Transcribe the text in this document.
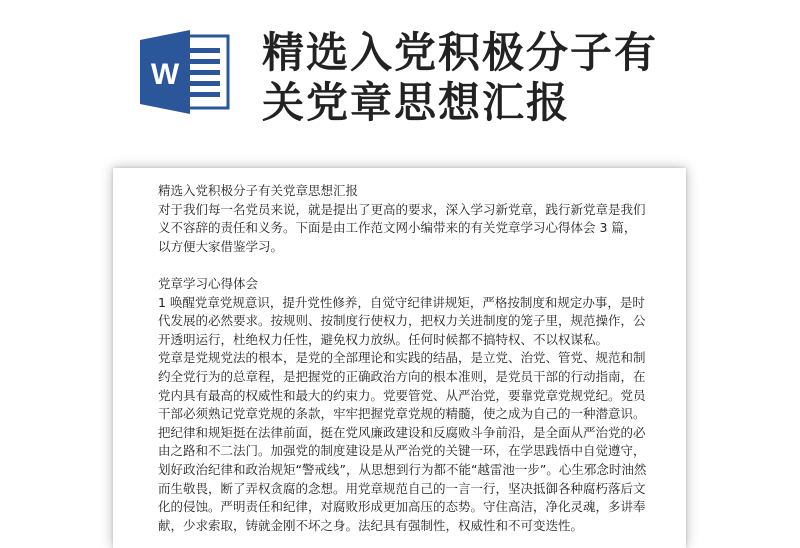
W 精选入党积极分子有
关党章思想汇报

精选入党积极分子有关党章思想汇报

对于我们每一名党员来说，就是提出了更高的要求，深入学习新党章，践行新党章是我们义不容辞的责任和义务。下面是由工作范文网小编带来的有关党章学习心得体会 3 篇，以方便大家借鉴学习。

党章学习心得体会

1 唤醒党章党规意识，提升党性修养，自觉守纪律讲规矩，严格按制度和规定办事，是时代发展的必然要求。按规则、按制度行使权力，把权力关进制度的笼子里，规范操作，公开透明运行，杜绝权力任性，避免权力放纵。任何时候都不搞特权、不以权谋私。

党章是党规党法的根本，是党的全部理论和实践的结晶，是立党、治党、管党、规范和制约全党行为的总章程，是把握党的正确政治方向的根本准则，是党员干部的行动指南，在党内具有最高的权威性和最大的约束力。党要管党、从严治党，要靠党章党规党纪。党员干部必须熟记党章党规的条款，牢牢把握党章党规的精髓，使之成为自己的一种潜意识。

把纪律和规矩挺在法律前面，挺在党风廉政建设和反腐败斗争前沿，是全面从严治党的必由之路和不二法门。加强党的制度建设是从严治党的关键一环，在学思践悟中自觉遵守，划好政治纪律和政治规矩“警戒线”，从思想到行为都不能“越雷池一步”。心生邪念时油然而生敬畏，断了弄权贪腐的念想。用党章规范自己的一言一行，坚决抵御各种腐朽落后文化的侵蚀。严明责任和纪律，对腐败形成更加高压的态势。守住高洁，净化灵魂，多讲奉献，少求索取，铸就金刚不坏之身。法纪具有强制性，权威性和不可变迭性。
